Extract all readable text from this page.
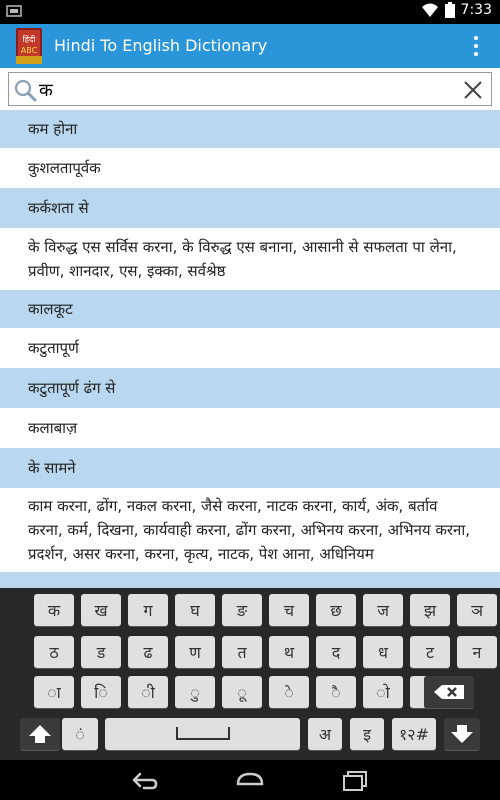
7:33
हिंदी
ABC Hindi To English Dictionary
क
कम होना
कुशलतापूर्वक
कर्कशता से
के विरुद्ध एस सर्विस करना, के विरुद्ध एस बनाना, आसानी से सफलता पा लेना, प्रवीण, शानदार, एस, इक्का, सर्वश्रेष्ठ
कालकूट
कटुतापूर्ण
कटुतापूर्ण ढंग से
कलाबाज़
के सामने
काम करना, ढोंग, नकल करना, जैसे करना, नाटक करना, कार्य, अंक, बर्ताव करना, कर्म, दिखना, कार्यवाही करना, ढोंग करना, अभिनय करना, अभिनय करना, प्रदर्शन, असर करना, करना, कृत्य, नाटक, पेश आना, अधिनियम
क	ख	ग	घ	ङ	च	छ	ज	झ	ञ
ठ	ड	ढ	ण	त	थ	द	ध	ट	न
ा	ि	ी	ु	ू	े	ै	ो
ं	अ	इ	१२#
